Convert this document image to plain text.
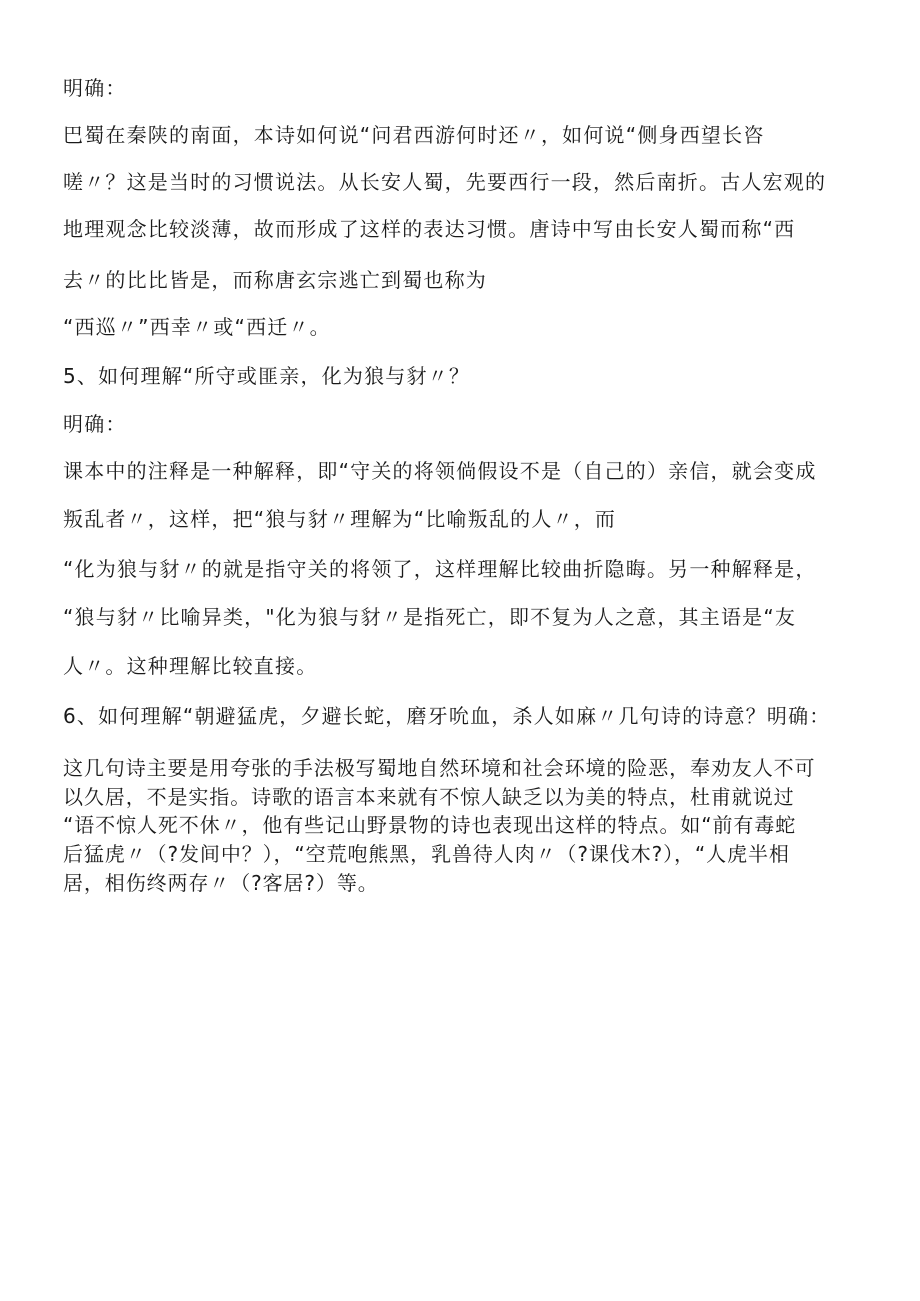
明确：

巴蜀在秦陕的南面，本诗如何说“问君西游何时还〃，如何说“侧身西望长咨

嗟〃？这是当时的习惯说法。从长安人蜀，先要西行一段，然后南折。古人宏观的

地理观念比较淡薄，故而形成了这样的表达习惯。唐诗中写由长安人蜀而称“西

去〃的比比皆是，而称唐玄宗逃亡到蜀也称为

“西巡〃”西幸〃或“西迁〃。

5、如何理解“所守或匪亲，化为狼与豺〃？

明确：

课本中的注释是一种解释，即“守关的将领倘假设不是（自己的）亲信，就会变成

叛乱者〃，这样，把“狼与豺〃理解为“比喻叛乱的人〃，而

“化为狼与豺〃的就是指守关的将领了，这样理解比较曲折隐晦。另一种解释是，

“狼与豺〃比喻异类，"化为狼与豺〃是指死亡，即不复为人之意，其主语是“友

人〃。这种理解比较直接。

6、如何理解“朝避猛虎，夕避长蛇，磨牙吮血，杀人如麻〃几句诗的诗意？明确：

这几句诗主要是用夸张的手法极写蜀地自然环境和社会环境的险恶，奉劝友人不可

以久居，不是实指。诗歌的语言本来就有不惊人缺乏以为美的特点，杜甫就说过

“语不惊人死不休〃，他有些记山野景物的诗也表现出这样的特点。如“前有毒蛇

后猛虎〃（?发间中？），“空荒咆熊黑，乳兽待人肉〃（?课伐木?），“人虎半相

居，相伤终两存〃（?客居?）等。
